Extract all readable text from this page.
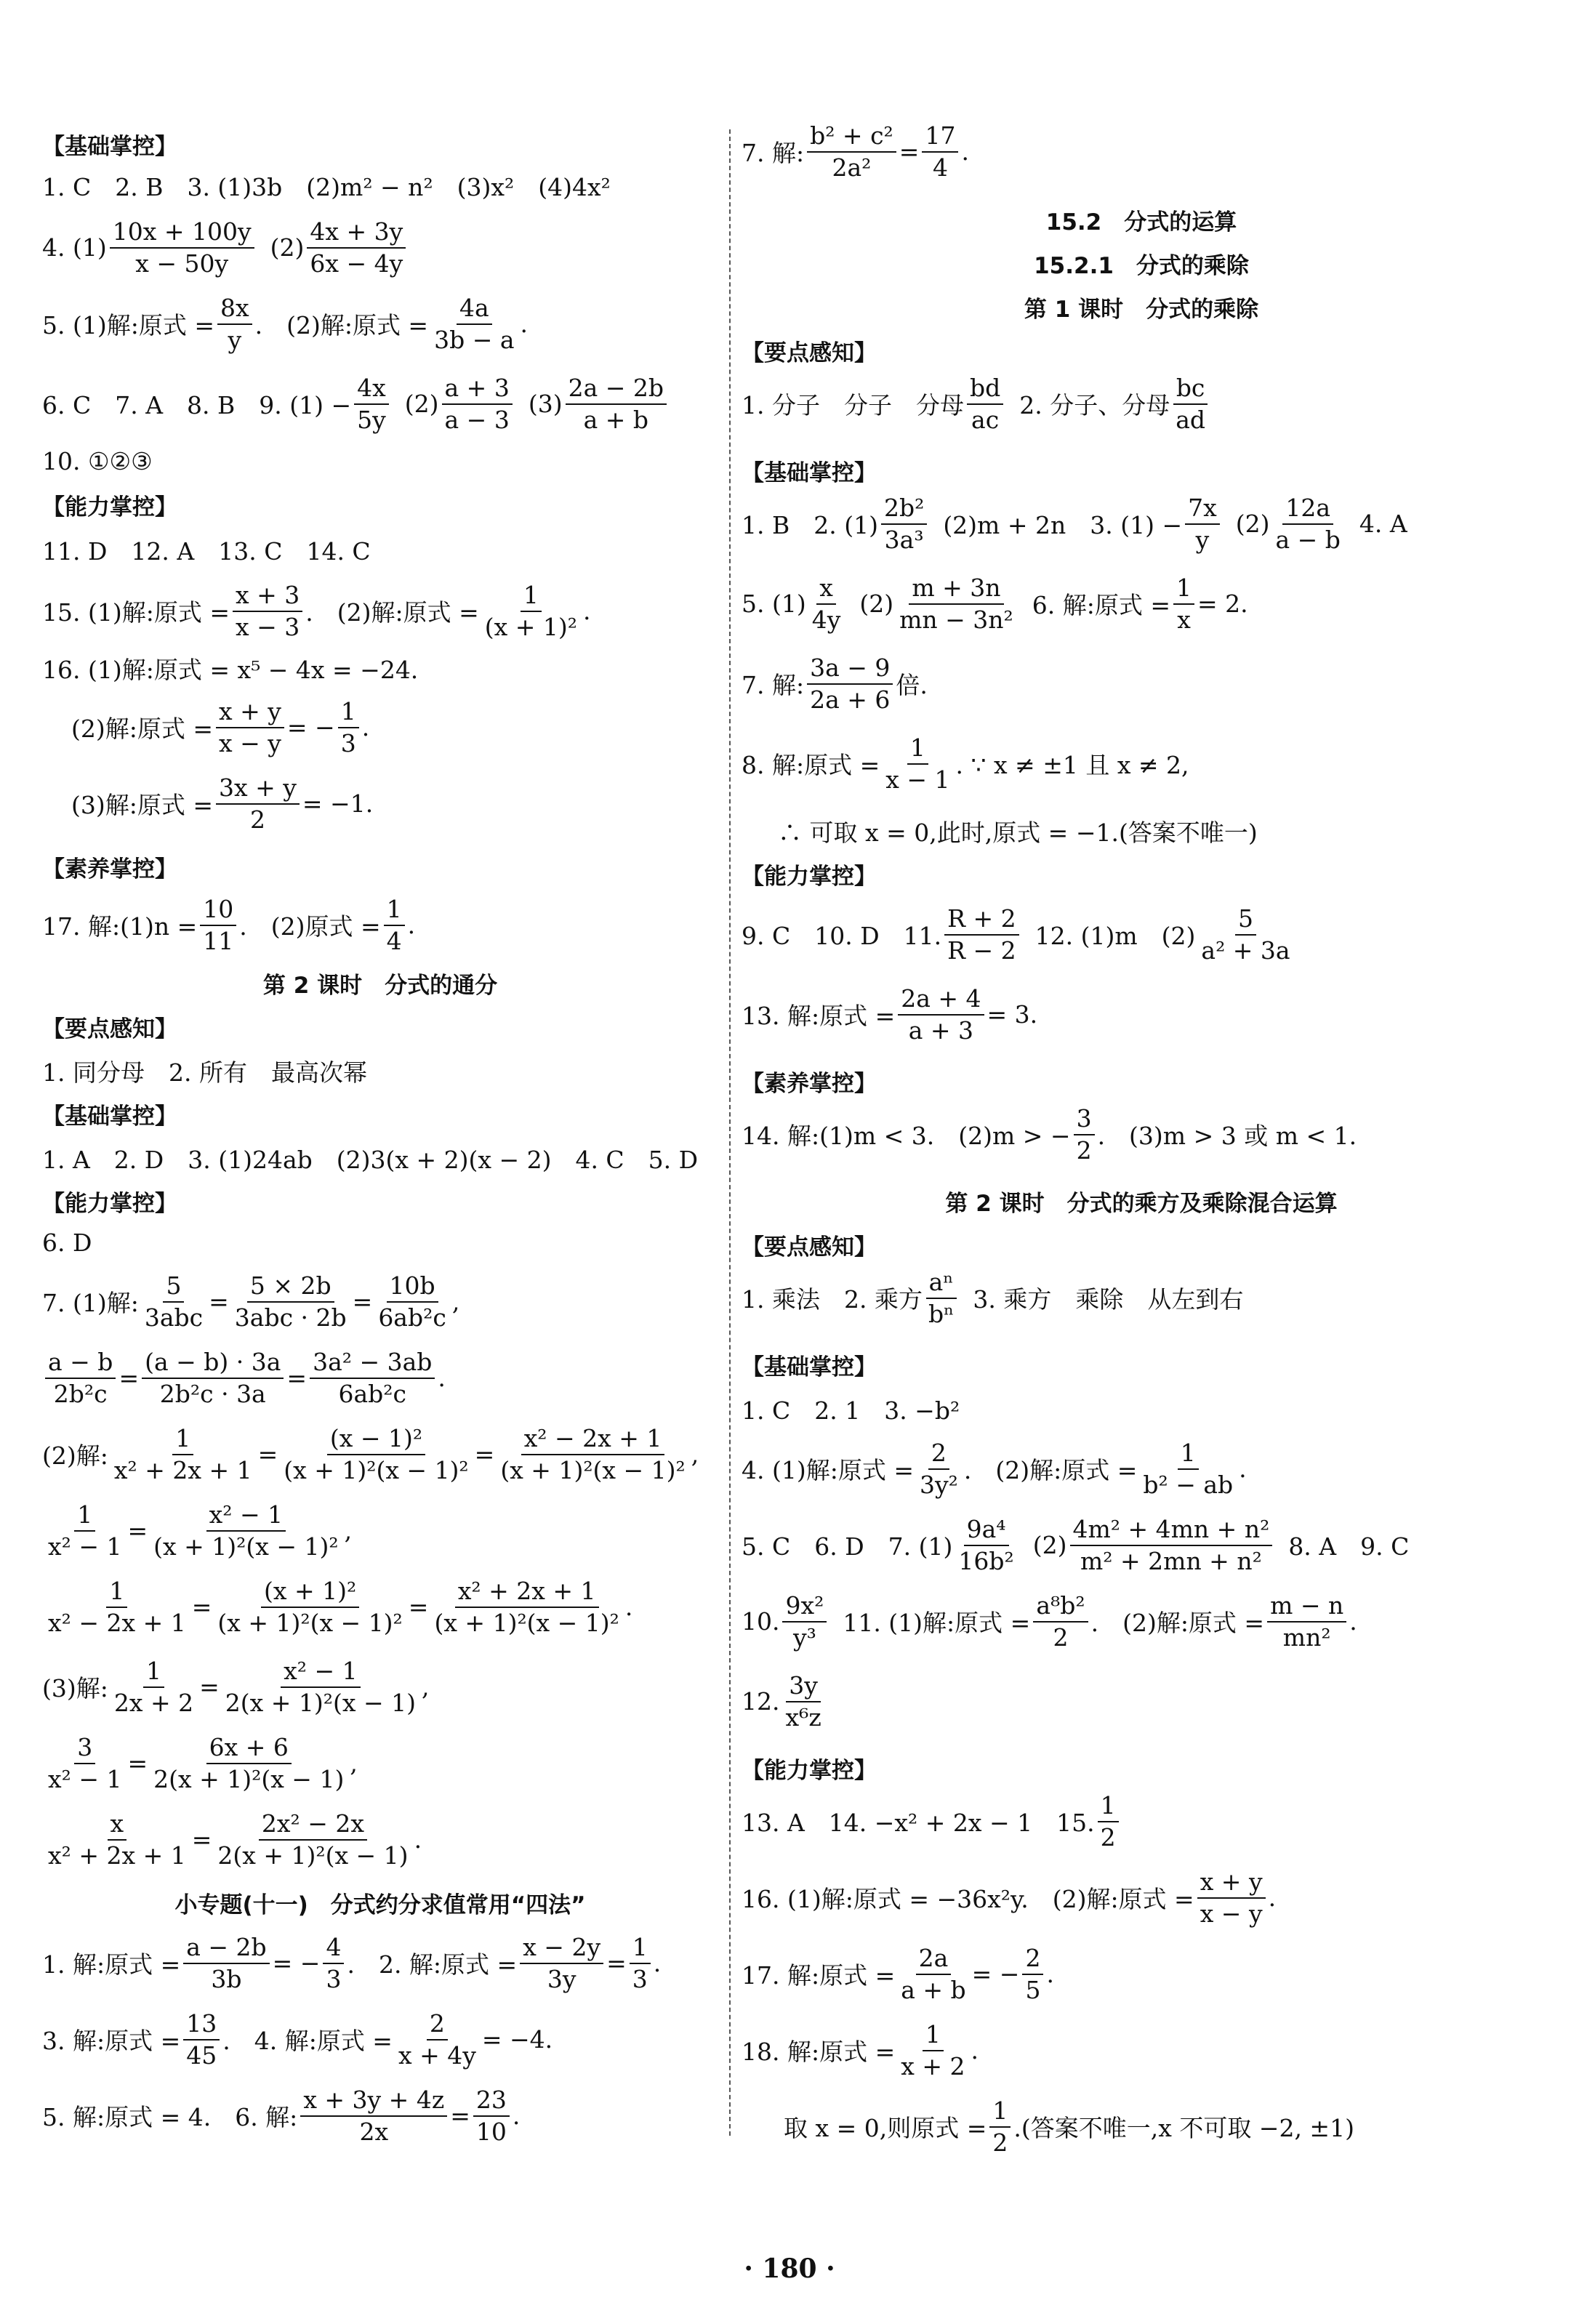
【基础掌控】
1. C　2. B　3. (1)3b　(2)m² − n²　(3)x²　(4)4x²
4. $(1) \frac{10x + 100y}{x - 50y} (2) \frac{4x + 3y}{6x - 4y}$
5. (1)解:原式 = $\frac{8x}{y}$ .　(2)解:原式 = $\frac{4a}{3b - a}$ .
6. C　7. A　8. B　9. $(1) - \frac{4x}{5y} (2) \frac{a + 3}{a - 3} (3) \frac{2a - 2b}{a + b}$
10. ①②③
【能力掌控】
11. D　12. A　13. C　14. C
15. (1)解:原式 = $\frac{x + 3}{x - 3}$ .　(2)解:原式 = $\frac{1}{\text{(x + 1)²}}$ .
16. (1)解:原式 = x⁵ − 4x = −24.
(2)解:原式 = $\frac{x + y}{x - y}$ = − $\frac{1}{3}$ .
(3)解:原式 = $\frac{3x + y}{2} = -1$.
【素养掌控】
17. 解:(1)n = $\frac{10}{11}$ .　(2)原式 = $\frac{1}{4}$ .
第 2 课时　分式的通分
【要点感知】
1. 同分母　2. 所有　最高次幂
【基础掌控】
1. A　2. D　3. (1)24ab　(2)3(x + 2)(x − 2)　4. C　5. D
【能力掌控】
6. D
7. (1)解: $\frac{5}{\text{3abc}} = \frac{5 \times 2b}{\text{3abc · 2b}} = \frac{10b}{\text{6ab²c}}$ ,
$\frac{a - b}{\text{2b²c}} = \frac{(a - b) \cdot 3a}{\text{2b²c · 3a}} = \frac{\text{3a² − 3ab}}{\text{6ab²c}}$ .
(2)解: $\frac{1}{\text{x² + 2x + 1}} = \frac{\text{(x − 1)²}}{\text{(x + 1)²(x − 1)²}} = \frac{\text{x² − 2x + 1}}{\text{(x + 1)²(x − 1)²}}$ ,
$\frac{1}{\text{x² − 1}} = \frac{\text{x² − 1}}{\text{(x + 1)²(x − 1)²}}$ ,
$\frac{1}{\text{x² − 2x + 1}} = \frac{\text{(x + 1)²}}{\text{(x + 1)²(x − 1)²}} = \frac{\text{x² + 2x + 1}}{\text{(x + 1)²(x − 1)²}}$ .
(3)解: $\frac{1}{2x + 2} = \frac{\text{x² − 1}}{\text{2(x + 1)²(x − 1)}}$ ,
$\frac{3}{\text{x² − 1}} = \frac{6x + 6}{\text{2(x + 1)²(x − 1)}}$ ,
$\frac{x}{\text{x² + 2x + 1}} = \frac{\text{2x² − 2x}}{\text{2(x + 1)²(x − 1)}}$ .
小专题(十一)　分式约分求值常用“四法”
1. 解:原式 = $\frac{a - 2b}{3b}$ = − $\frac{4}{3}$ .　2. 解:原式 = $\frac{x - 2y}{3y} = \frac{1}{3}$ .
3. 解:原式 = $\frac{13}{45}$ .　4. 解:原式 = $\frac{2}{x + 4y} = -4$.
5. 解:原式 = 4.　6. 解: $\frac{x + 3y + 4z}{2x} = \frac{23}{10}$ .
7. 解: $\frac{\text{b² + c²}}{\text{2a²}} = \frac{17}{4}$ .
15.2　分式的运算
15.2.1　分式的乘除
第 1 课时　分式的乘除
【要点感知】
1. 分子　分子　分母 $\frac{bd}{ac} 2$. 分子、分母 $\frac{bc}{ad}$
【基础掌控】
1. B　2. $(1) \frac{\text{2b²}}{\text{3a³}} (2)m + 2n$　3. $(1) - \frac{7x}{y} (2) \frac{12a}{a - b} 4$. A
5. $(1) \frac{x}{4y} (2) \frac{m + 3n}{\text{mn − 3n²}} 6$. 解:原式 = $\frac{1}{x} = 2$.
7. 解: $\frac{3a - 9}{2a + 6}$ 倍.
8. 解:原式 = $\frac{1}{x - 1}$ . ∵ x ≠ ±1 且 x ≠ 2,
∴ 可取 x = 0,此时,原式 = −1.(答案不唯一)
【能力掌控】
9. C　10. D　11. $\frac{R + 2}{R - 2} 12$. (1)m　$(2) \frac{5}{\text{a² + 3a}}$
13. 解:原式 = $\frac{2a + 4}{a + 3} = 3$.
【素养掌控】
14. 解:(1)m < 3.　(2)m > − $\frac{3}{2}$ .　(3)m > 3 或 m < 1.
第 2 课时　分式的乘方及乘除混合运算
【要点感知】
1. 乘法　2. 乘方 $\frac{\text{aⁿ}}{\text{bⁿ}} 3$. 乘方　乘除　从左到右
【基础掌控】
1. C　2. 1　3. −b²
4. (1)解:原式 = $\frac{2}{\text{3y²}}$ .　(2)解:原式 = $\frac{1}{\text{b² − ab}}$ .
5. C　6. D　7. $(1) \frac{\text{9a⁴}}{\text{16b²}} (2) \frac{\text{4m² + 4mn + n²}}{\text{m² + 2mn + n²}} 8$. A　9. C
10. $\frac{\text{9x²}}{\text{y³}} 11$. (1)解:原式 = $\frac{\text{a⁸b²}}{2}$ .　(2)解:原式 = $\frac{m - n}{\text{mn²}}$ .
12. $\frac{3y}{\text{x⁶z}}$
【能力掌控】
13. A　14. −x² + 2x − 1　15. $\frac{1}{2}$
16. (1)解:原式 = −36x²y.　(2)解:原式 = $\frac{x + y}{x - y}$ .
17. 解:原式 = $\frac{2a}{a + b}$ = − $\frac{2}{5}$ .
18. 解:原式 = $\frac{1}{x + 2}$ .
取 x = 0,则原式 = $\frac{1}{2}$ .(答案不唯一,x 不可取 −2, ±1)
· 180 ·
